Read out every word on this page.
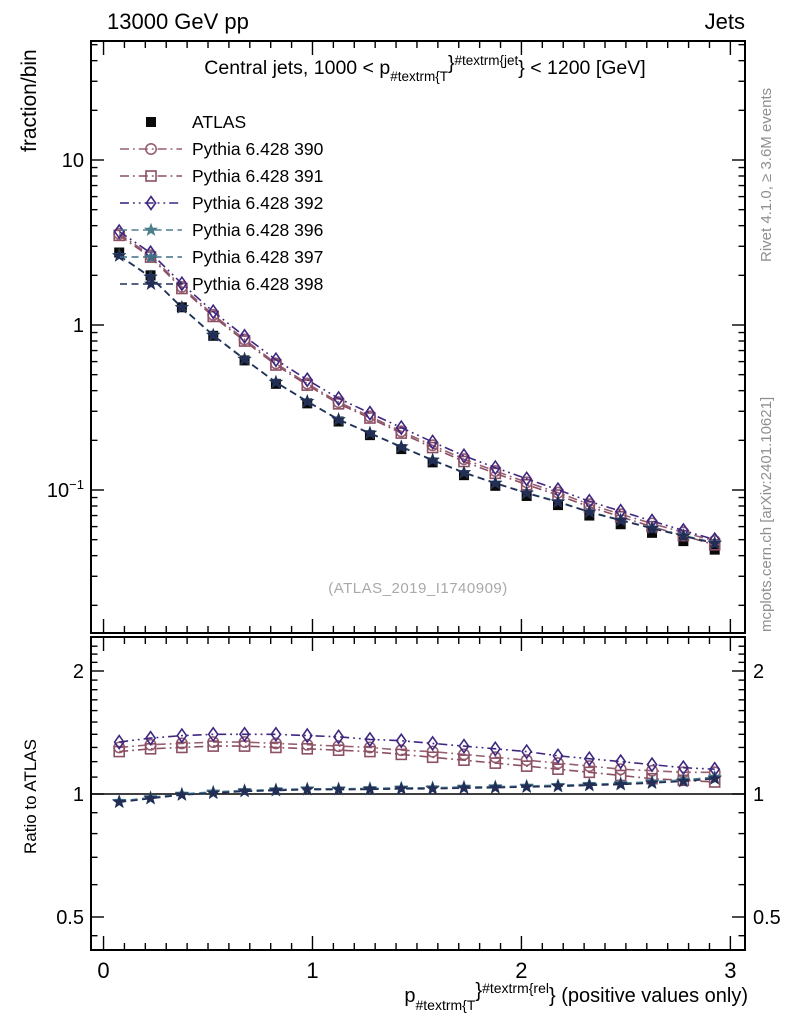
13000 GeV pp	Jets
Central jets, $1000 < p_{\#textrm\{T}\}^{\#textrm\{jet}\} < 1200$ [GeV]
fraction/bin
Ratio to ATLAS
Rivet 4.1.0, ≥ 3.6M events
mcplots.cern.ch [arXiv:2401.10621]
(ATLAS_2019_I1740909)
$p_{\#textrm\{T}\}^{\#textrm\{rel}$} (positive values only)
0	1	2	3
10
1
$10^{-1}$
2	2
1	1
0.5	0.5
ATLAS
Pythia 6.428 390
Pythia 6.428 391
Pythia 6.428 392
Pythia 6.428 396
Pythia 6.428 397
Pythia 6.428 398
